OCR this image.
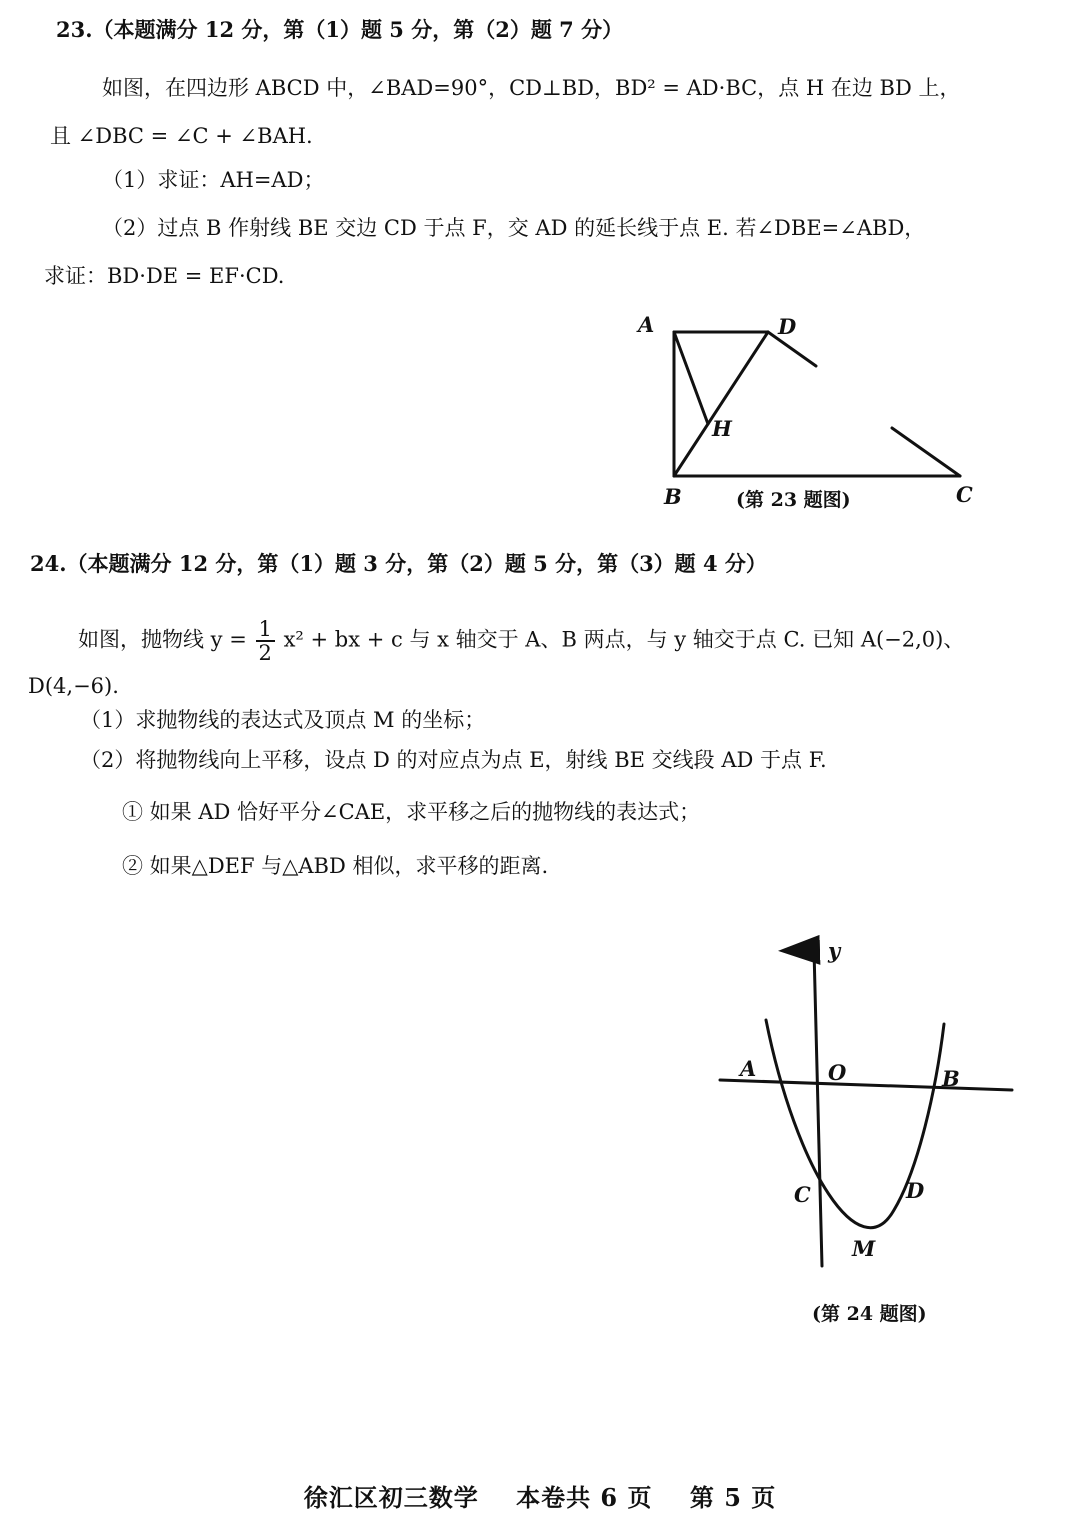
23.（本题满分 12 分，第（1）题 5 分，第（2）题 7 分）
如图，在四边形 ABCD 中，∠BAD=90°，CD⊥BD，BD² = AD·BC，点 H 在边 BD 上，
且 ∠DBC = ∠C + ∠BAH.
（1）求证：AH=AD；
（2）过点 B 作射线 BE 交边 CD 于点 F，交 AD 的延长线于点 E. 若∠DBE=∠ABD，
求证：BD·DE = EF·CD.
A	D
H
B	C
(第 23 题图)
24.（本题满分 12 分，第（1）题 3 分，第（2）题 5 分，第（3）题 4 分）
如图，抛物线 $y = \frac{1}{2} x^2$ + bx + c 与 x 轴交于 A、B 两点，与 y 轴交于点 C. 已知 A(−2,0)、
D(4,−6).
（1）求抛物线的表达式及顶点 M 的坐标；
（2）将抛物线向上平移，设点 D 的对应点为点 E，射线 BE 交线段 AD 于点 F.
① 如果 AD 恰好平分∠CAE，求平移之后的抛物线的表达式；
② 如果△DEF 与△ABD 相似，求平移的距离.
y
A	O	B
C	D
M
(第 24 题图)
徐汇区初三数学 本卷共 6 页 第 5 页
